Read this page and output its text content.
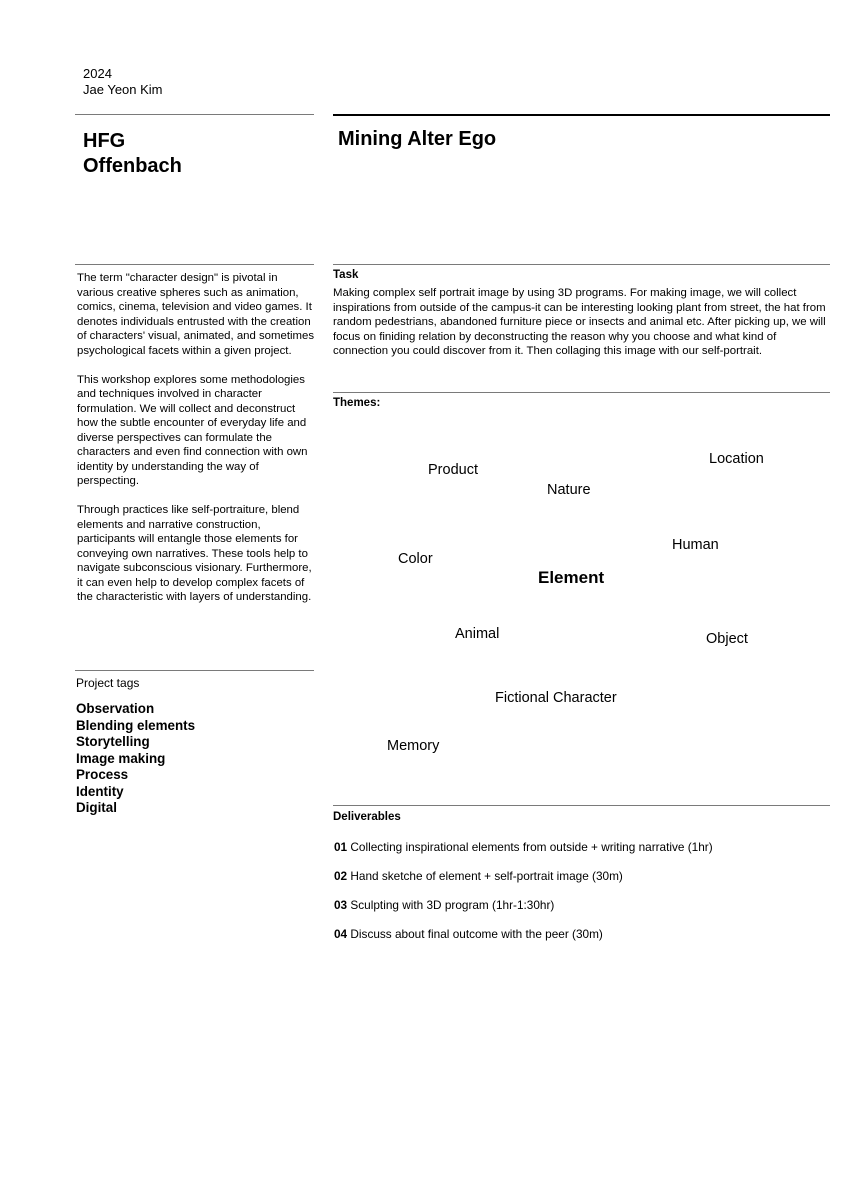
2024
Jae Yeon Kim
HFG
Offenbach
Mining Alter Ego

The term "character design" is pivotal in various creative spheres such as animation, comics, cinema, television and video games. It denotes individuals entrusted with the creation of characters' visual, animated, and sometimes psychological facets within a given project.

This workshop explores some methodologies and techniques involved in character formulation. We will collect and deconstruct how the subtle encounter of everyday life and diverse perspectives can formulate the characters and even find connection with own identity by understanding the way of perspecting.

Through practices like self-portraiture, blend elements and narrative construction, participants will entangle those elements for conveying own narratives. These tools help to navigate subconscious visionary. Furthermore, it can even help to develop complex facets of the characteristic with layers of understanding.

Project tags
Observation
Blending elements
Storytelling
Image making
Process
Identity
Digital
Task
Making complex self portrait image by using 3D programs. For making image, we will collect inspirations from outside of the campus-it can be interesting looking plant from street, the hat from random pedestrians, abandoned furniture piece or insects and animal etc. After picking up, we will focus on finiding relation by deconstructing the reason why you choose and what kind of connection you could discover from it. Then collaging this image with our self-portrait.
Themes:
Location
Product
Nature
Human
Color
Element
Animal	Object
Fictional Character
Memory
Deliverables
01 Collecting inspirational elements from outside + writing narrative (1hr)
02 Hand sketche of element + self-portrait image (30m)
03 Sculpting with 3D program (1hr-1:30hr)
04 Discuss about final outcome with the peer (30m)
